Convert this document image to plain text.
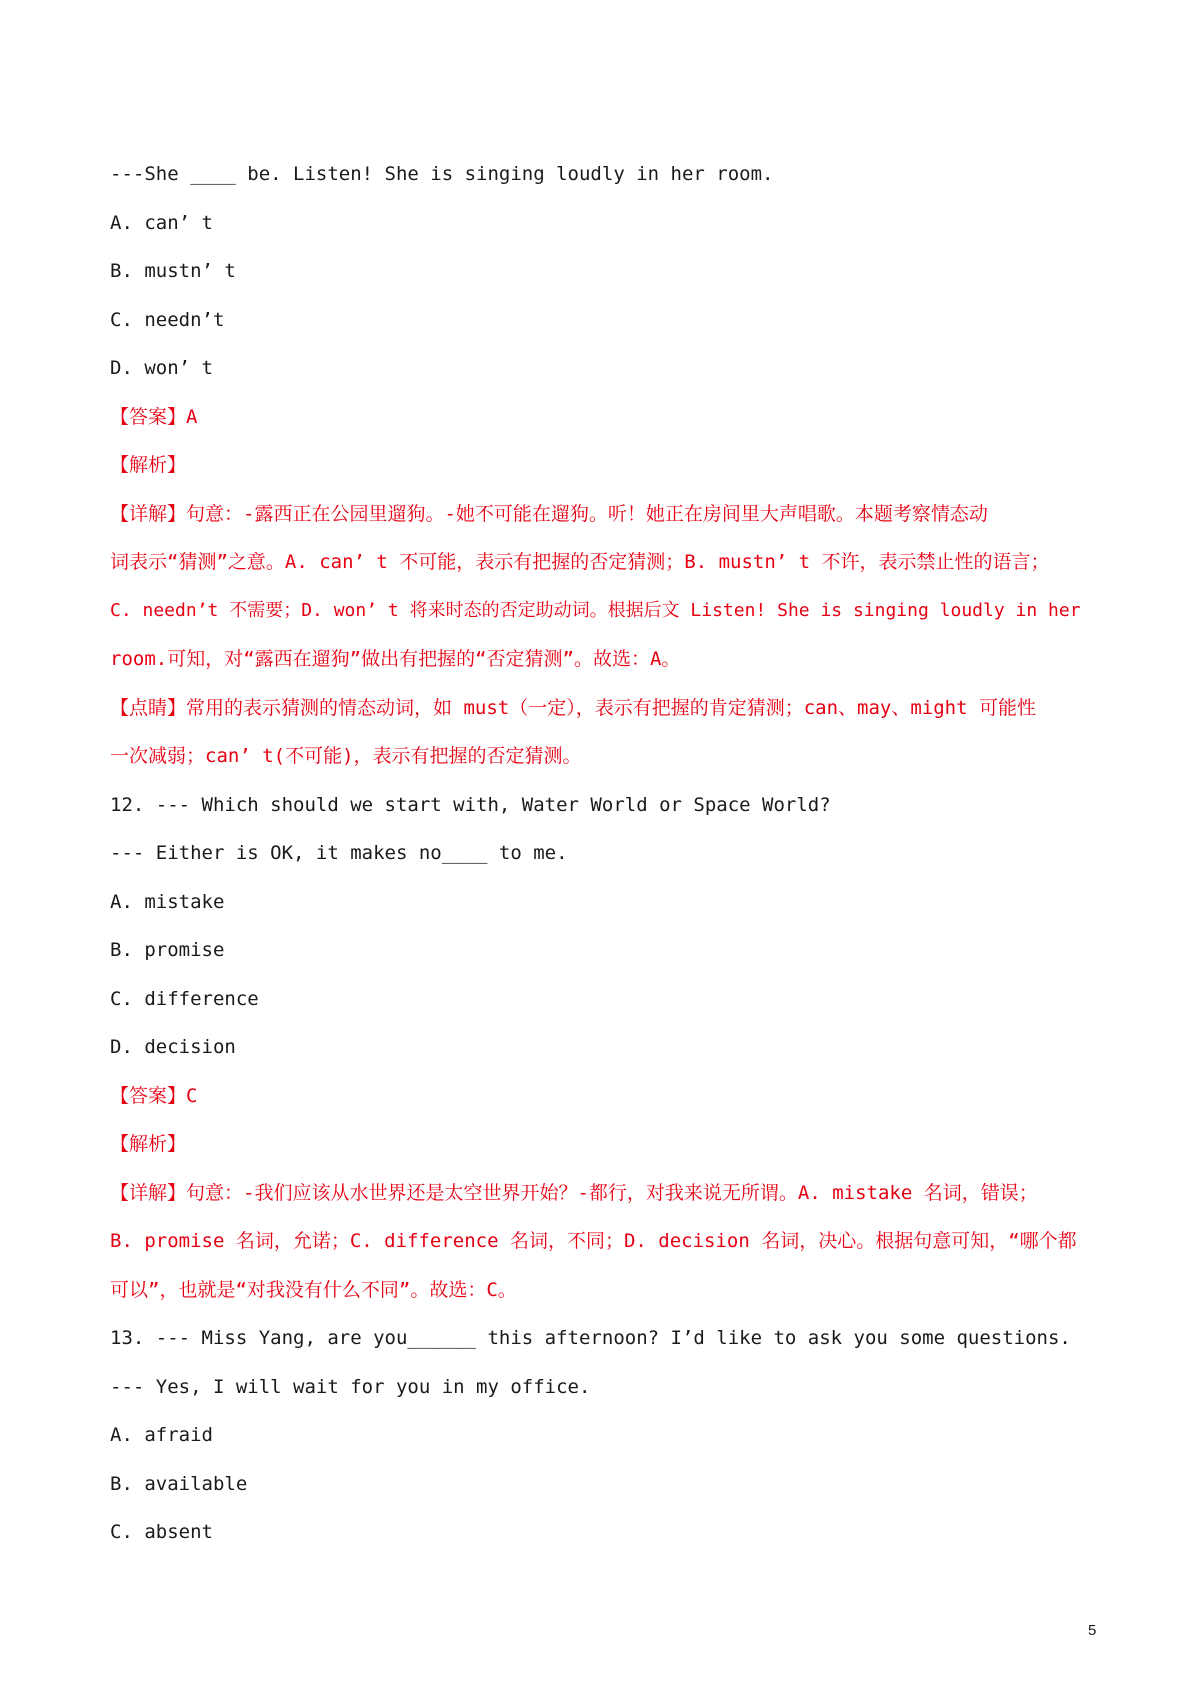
---She ____ be. Listen! She is singing loudly in her room.
A. can’ t
B. mustn’ t
C. needn’t
D. won’ t
【答案】A
【解析】
【详解】句意：-露西正在公园里遛狗。-她不可能在遛狗。听！她正在房间里大声唱歌。本题考察情态动
词表示“猜测”之意。A. can’ t 不可能，表示有把握的否定猜测；B. mustn’ t 不许，表示禁止性的语言；
C. needn’t 不需要；D. won’ t 将来时态的否定助动词。根据后文 Listen! She is singing loudly in her
room.可知，对“露西在遛狗”做出有把握的“否定猜测”。故选：A。
【点睛】常用的表示猜测的情态动词，如 must（一定），表示有把握的肯定猜测；can、may、might 可能性
一次减弱；can’ t(不可能)，表示有把握的否定猜测。
12. --- Which should we start with, Water World or Space World?
--- Either is OK, it makes no____ to me.
A. mistake
B. promise
C. difference
D. decision
【答案】C
【解析】
【详解】句意：-我们应该从水世界还是太空世界开始？-都行，对我来说无所谓。A. mistake 名词，错误；
B. promise 名词，允诺；C. difference 名词，不同；D. decision 名词，决心。根据句意可知，“哪个都
可以”，也就是“对我没有什么不同”。故选：C。
13. --- Miss Yang, are you______ this afternoon? I’d like to ask you some questions.
--- Yes, I will wait for you in my office.
A. afraid
B. available
C. absent
5
